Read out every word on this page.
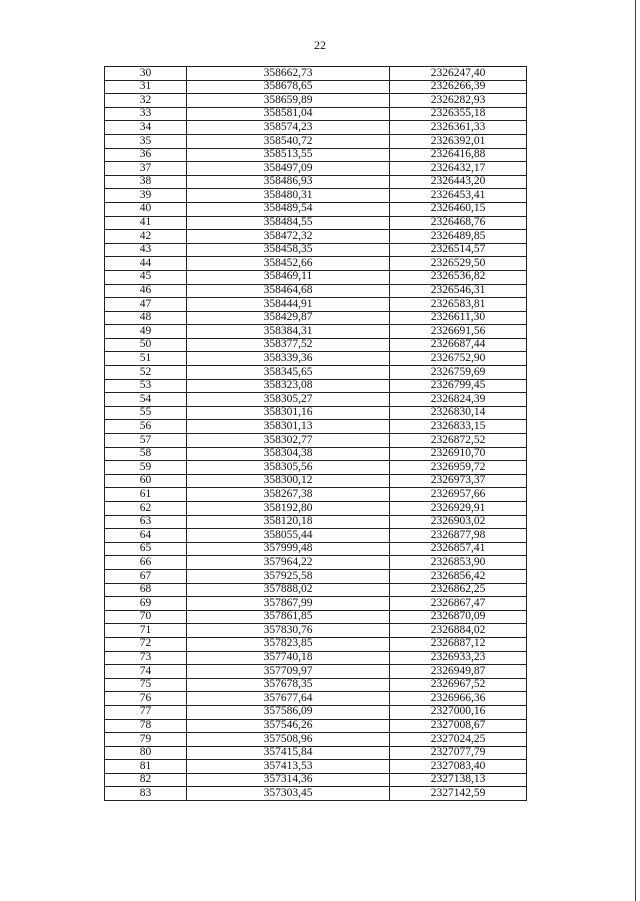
22
30	358662,73	2326247,40
31	358678,65	2326266,39
32	358659,89	2326282,93
33	358581,04	2326355,18
34	358574,23	2326361,33
35	358540,72	2326392,01
36	358513,55	2326416,88
37	358497,09	2326432,17
38	358486,93	2326443,20
39	358480,31	2326453,41
40	358489,54	2326460,15
41	358484,55	2326468,76
42	358472,32	2326489,85
43	358458,35	2326514,57
44	358452,66	2326529,50
45	358469,11	2326536,82
46	358464,68	2326546,31
47	358444,91	2326583,81
48	358429,87	2326611,30
49	358384,31	2326691,56
50	358377,52	2326687,44
51	358339,36	2326752,90
52	358345,65	2326759,69
53	358323,08	2326799,45
54	358305,27	2326824,39
55	358301,16	2326830,14
56	358301,13	2326833,15
57	358302,77	2326872,52
58	358304,38	2326910,70
59	358305,56	2326959,72
60	358300,12	2326973,37
61	358267,38	2326957,66
62	358192,80	2326929,91
63	358120,18	2326903,02
64	358055,44	2326877,98
65	357999,48	2326857,41
66	357964,22	2326853,90
67	357925,58	2326856,42
68	357888,02	2326862,25
69	357867,99	2326867,47
70	357861,85	2326870,09
71	357830,76	2326884,02
72	357823,85	2326887,12
73	357740,18	2326933,23
74	357709,97	2326949,87
75	357678,35	2326967,52
76	357677,64	2326966,36
77	357586,09	2327000,16
78	357546,26	2327008,67
79	357508,96	2327024,25
80	357415,84	2327077,79
81	357413,53	2327083,40
82	357314,36	2327138,13
83	357303,45	2327142,59
